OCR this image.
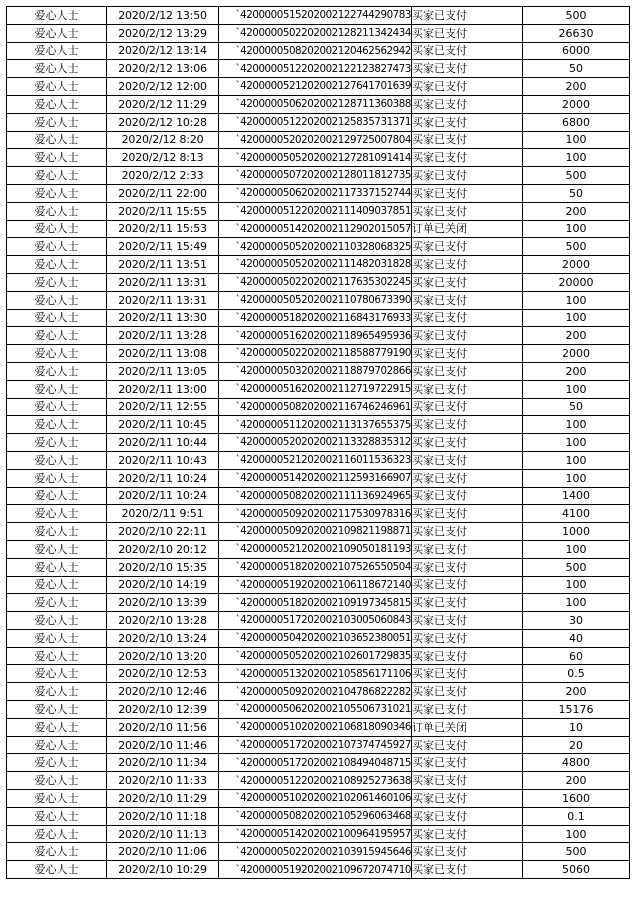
爱心人士	2020/2/12 13:50	`4200000515202002122744290783	买家已支付	500
爱心人士	2020/2/12 13:29	`4200000502202002128211342434	买家已支付	26630
爱心人士	2020/2/12 13:14	`4200000508202002120462562942	买家已支付	6000
爱心人士	2020/2/12 13:06	`4200000512202002122123827473	买家已支付	50
爱心人士	2020/2/12 12:00	`4200000521202002127641701639	买家已支付	200
爱心人士	2020/2/12 11:29	`4200000506202002128711360388	买家已支付	2000
爱心人士	2020/2/12 10:28	`4200000512202002125835731371	买家已支付	6800
爱心人士	2020/2/12 8:20	`4200000520202002129725007804	买家已支付	100
爱心人士	2020/2/12 8:13	`4200000505202002127281091414	买家已支付	100
爱心人士	2020/2/12 2:33	`4200000507202002128011812735	买家已支付	500
爱心人士	2020/2/11 22:00	`4200000506202002117337152744	买家已支付	50
爱心人士	2020/2/11 15:55	`4200000512202002111409037851	买家已支付	200
爱心人士	2020/2/11 15:53	`4200000514202002112902015057	订单已关闭	100
爱心人士	2020/2/11 15:49	`4200000505202002110328068325	买家已支付	500
爱心人士	2020/2/11 13:51	`4200000505202002111482031828	买家已支付	2000
爱心人士	2020/2/11 13:31	`4200000502202002117635302245	买家已支付	20000
爱心人士	2020/2/11 13:31	`4200000505202002110780673390	买家已支付	100
爱心人士	2020/2/11 13:30	`4200000518202002116843176933	买家已支付	100
爱心人士	2020/2/11 13:28	`4200000516202002118965495936	买家已支付	200
爱心人士	2020/2/11 13:08	`4200000502202002118588779190	买家已支付	2000
爱心人士	2020/2/11 13:05	`4200000503202002118879702866	买家已支付	200
爱心人士	2020/2/11 13:00	`4200000516202002112719722915	买家已支付	100
爱心人士	2020/2/11 12:55	`4200000508202002116746246961	买家已支付	50
爱心人士	2020/2/11 10:45	`4200000511202002113137655375	买家已支付	100
爱心人士	2020/2/11 10:44	`4200000520202002113328835312	买家已支付	100
爱心人士	2020/2/11 10:43	`4200000521202002116011536323	买家已支付	100
爱心人士	2020/2/11 10:24	`4200000514202002112593166907	买家已支付	100
爱心人士	2020/2/11 10:24	`4200000508202002111136924965	买家已支付	1400
爱心人士	2020/2/11 9:51	`4200000509202002117530978316	买家已支付	4100
爱心人士	2020/2/10 22:11	`4200000509202002109821198871	买家已支付	1000
爱心人士	2020/2/10 20:12	`4200000521202002109050181193	买家已支付	100
爱心人士	2020/2/10 15:35	`4200000518202002107526550504	买家已支付	500
爱心人士	2020/2/10 14:19	`4200000519202002106118672140	买家已支付	100
爱心人士	2020/2/10 13:39	`4200000518202002109197345815	买家已支付	100
爱心人士	2020/2/10 13:28	`4200000517202002103005060843	买家已支付	30
爱心人士	2020/2/10 13:24	`4200000504202002103652380051	买家已支付	40
爱心人士	2020/2/10 13:20	`4200000505202002102601729835	买家已支付	60
爱心人士	2020/2/10 12:53	`4200000513202002105856171106	买家已支付	0.5
爱心人士	2020/2/10 12:46	`4200000509202002104786822282	买家已支付	200
爱心人士	2020/2/10 12:39	`4200000506202002105506731021	买家已支付	15176
爱心人士	2020/2/10 11:56	`4200000510202002106818090346	订单已关闭	10
爱心人士	2020/2/10 11:46	`4200000517202002107374745927	买家已支付	20
爱心人士	2020/2/10 11:34	`4200000517202002108494048715	买家已支付	4800
爱心人士	2020/2/10 11:33	`4200000512202002108925273638	买家已支付	200
爱心人士	2020/2/10 11:29	`4200000510202002102061460106	买家已支付	1600
爱心人士	2020/2/10 11:18	`4200000508202002105296063468	买家已支付	0.1
爱心人士	2020/2/10 11:13	`4200000514202002100964195957	买家已支付	100
爱心人士	2020/2/10 11:06	`4200000502202002103915945646	买家已支付	500
爱心人士	2020/2/10 10:29	`4200000519202002109672074710	买家已支付	5060
